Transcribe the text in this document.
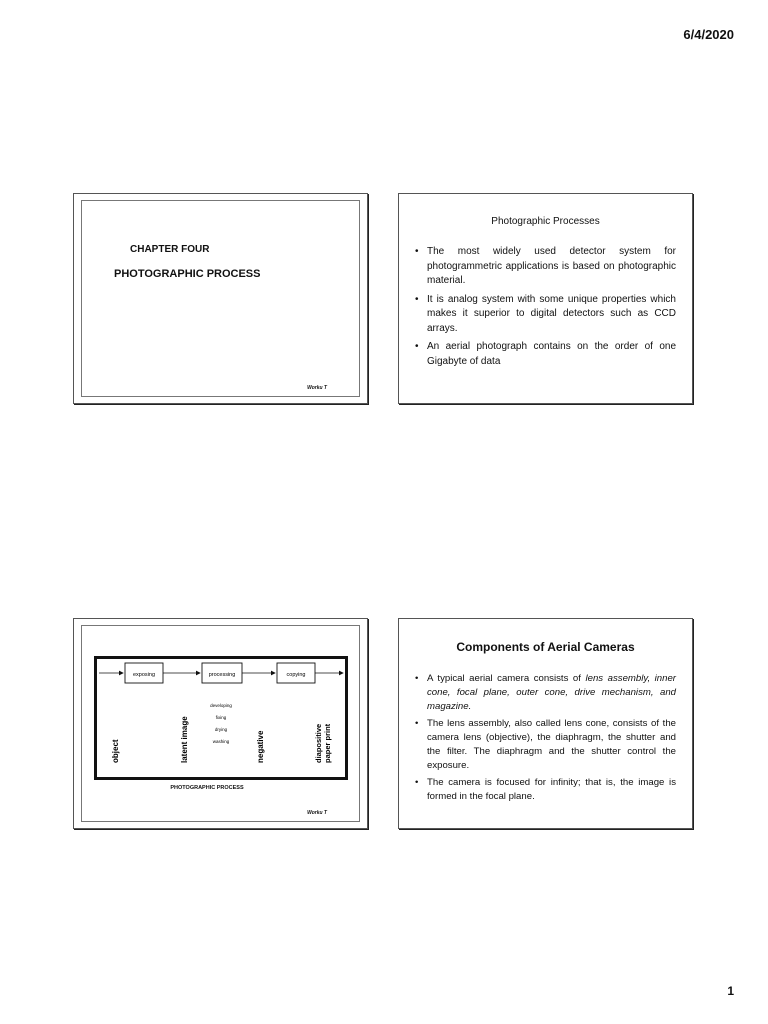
6/4/2020
CHAPTER FOUR
PHOTOGRAPHIC PROCESS
Worku T
Photographic Processes
• The most widely used detector system for photogrammetric applications is based on photographic material.
• It is analog system with some unique properties which makes it superior to digital detectors such as CCD arrays.
• An aerial photograph contains on the order of one Gigabyte of data
exposing	processing	copying
object	latent image	negative	diapositive paper print
developing
fixing
drying
washing
PHOTOGRAPHIC PROCESS
Worku T
Components of Aerial Cameras
• A typical aerial camera consists of lens assembly, inner cone, focal plane, outer cone, drive mechanism, and magazine.
• The lens assembly, also called lens cone, consists of the camera lens (objective), the diaphragm, the shutter and the filter. The diaphragm and the shutter control the exposure.
• The camera is focused for infinity; that is, the image is formed in the focal plane.
1
